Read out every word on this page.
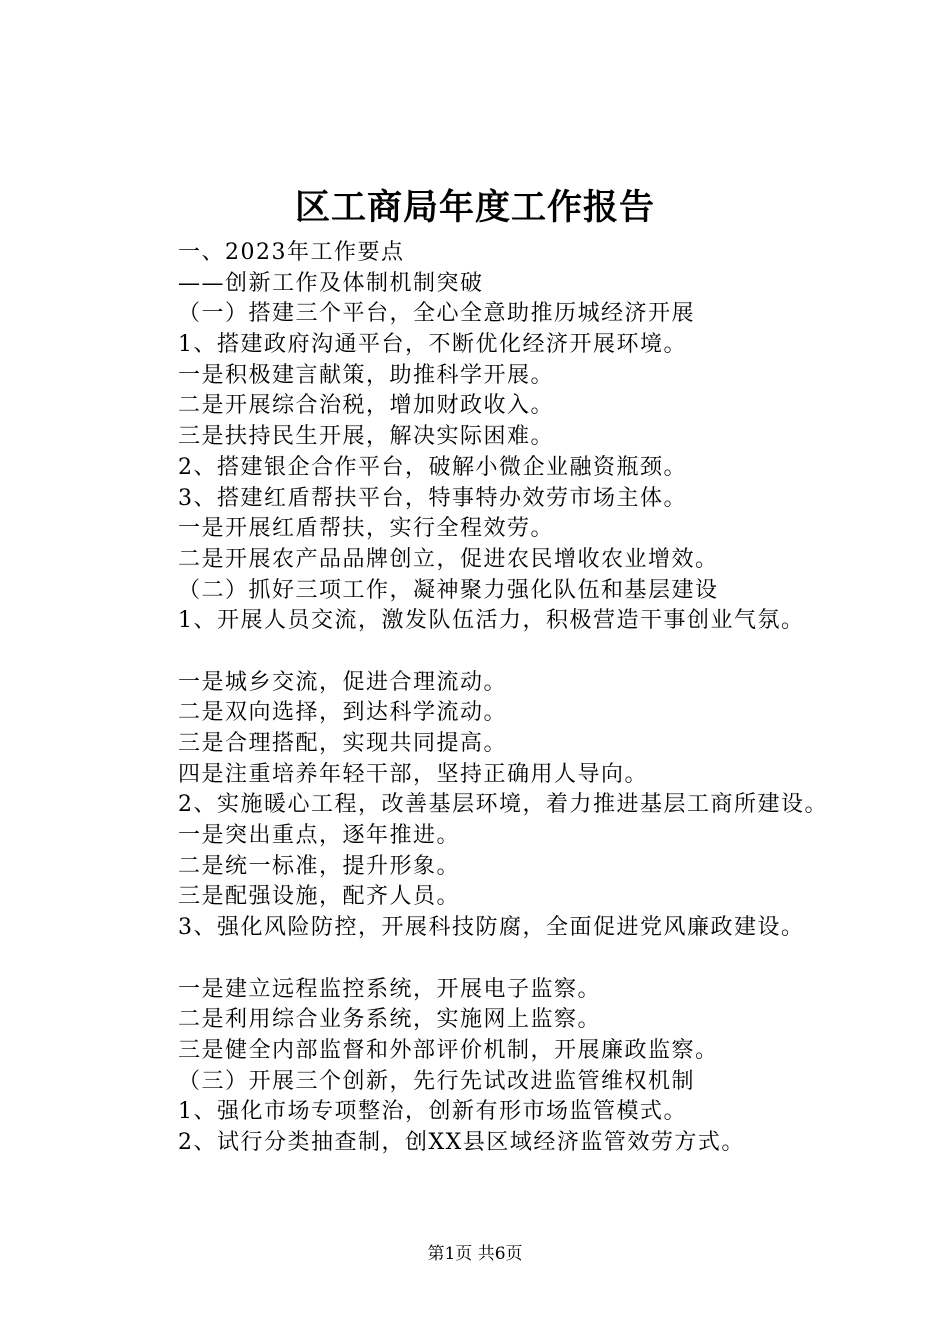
区工商局年度工作报告
一、2023年工作要点
——创新工作及体制机制突破
（一）搭建三个平台，全心全意助推历城经济开展
1、搭建政府沟通平台，不断优化经济开展环境。
一是积极建言献策，助推科学开展。
二是开展综合治税，增加财政收入。
三是扶持民生开展，解决实际困难。
2、搭建银企合作平台，破解小微企业融资瓶颈。
3、搭建红盾帮扶平台，特事特办效劳市场主体。
一是开展红盾帮扶，实行全程效劳。
二是开展农产品品牌创立，促进农民增收农业增效。
（二）抓好三项工作，凝神聚力强化队伍和基层建设
1、开展人员交流，激发队伍活力，积极营造干事创业气氛。
一是城乡交流，促进合理流动。
二是双向选择，到达科学流动。
三是合理搭配，实现共同提高。
四是注重培养年轻干部，坚持正确用人导向。
2、实施暖心工程，改善基层环境，着力推进基层工商所建设。
一是突出重点，逐年推进。
二是统一标准，提升形象。
三是配强设施，配齐人员。
3、强化风险防控，开展科技防腐，全面促进党风廉政建设。
一是建立远程监控系统，开展电子监察。
二是利用综合业务系统，实施网上监察。
三是健全内部监督和外部评价机制，开展廉政监察。
（三）开展三个创新，先行先试改进监管维权机制
1、强化市场专项整治，创新有形市场监管模式。
2、试行分类抽查制，创XX县区域经济监管效劳方式。
第1页 共6页
